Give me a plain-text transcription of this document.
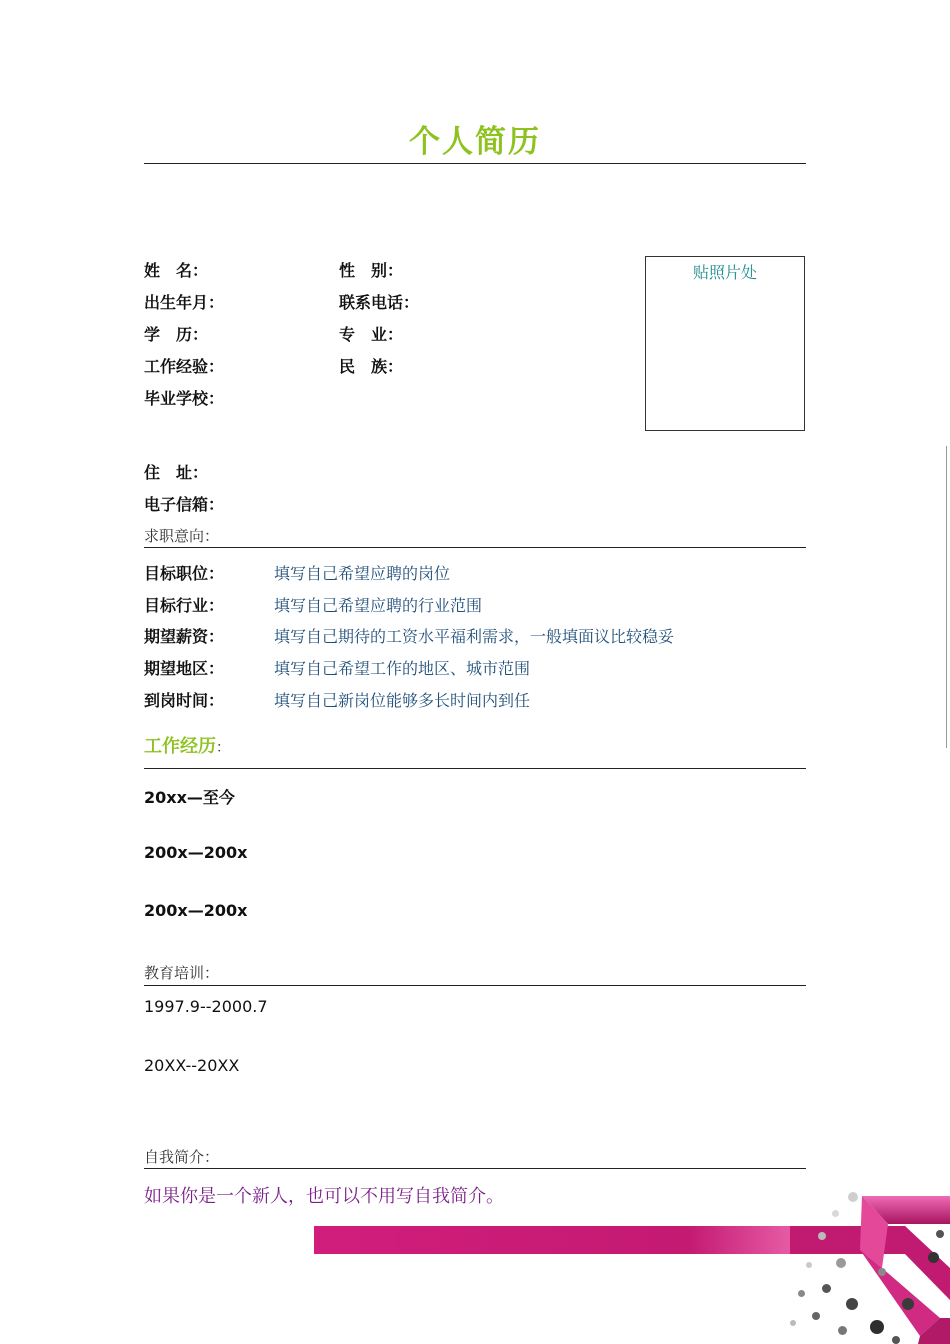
个人简历
姓　名：	性　别：
出生年月：	联系电话：
学　历：	专　业：
工作经验：	民　族：
毕业学校：
贴照片处
住　址：
电子信箱：
求职意向：
目标职位：	填写自己希望应聘的岗位
目标行业：	填写自己希望应聘的行业范围
期望薪资：	填写自己期待的工资水平福利需求，一般填面议比较稳妥
期望地区：	填写自己希望工作的地区、城市范围
到岗时间：	填写自己新岗位能够多长时间内到任
工作经历：
20xx—至今
200x—200x
200x—200x
教育培训：
1997.9--2000.7
20XX--20XX
自我简介：
如果你是一个新人，也可以不用写自我简介。
